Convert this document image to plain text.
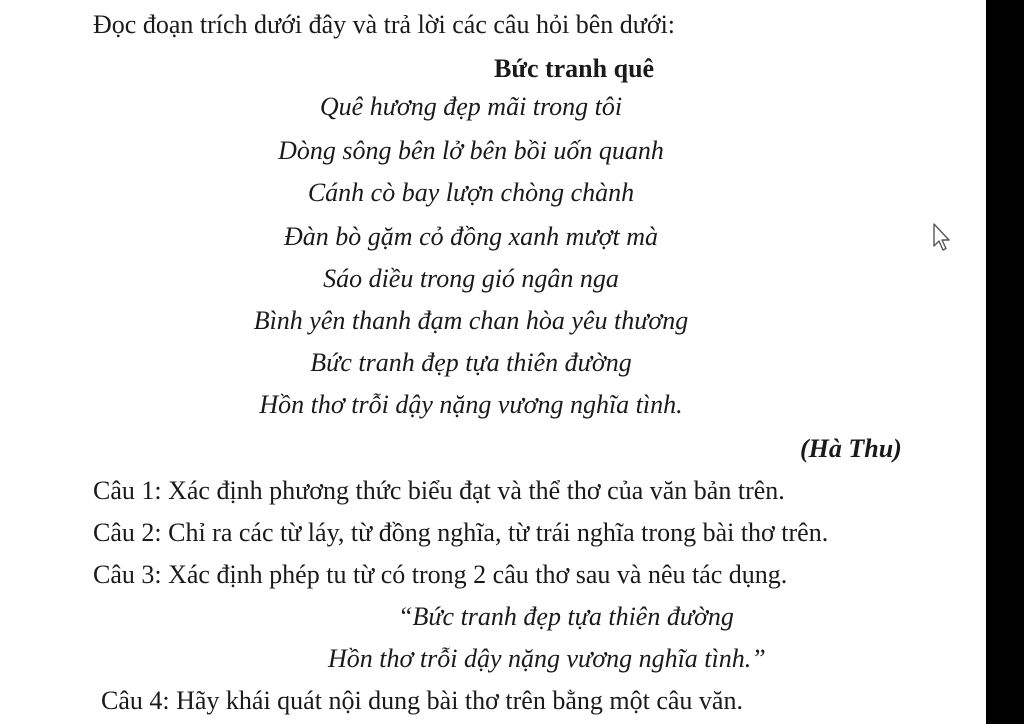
Đọc đoạn trích dưới đây và trả lời các câu hỏi bên dưới:
Bức tranh quê
Quê hương đẹp mãi trong tôi
Dòng sông bên lở bên bồi uốn quanh
Cánh cò bay lượn chòng chành
Đàn bò gặm cỏ đồng xanh mượt mà
Sáo diều trong gió ngân nga
Bình yên thanh đạm chan hòa yêu thương
Bức tranh đẹp tựa thiên đường
Hồn thơ trỗi dậy nặng vương nghĩa tình.
(Hà Thu)
Câu 1: Xác định phương thức biểu đạt và thể thơ của văn bản trên.
Câu 2: Chỉ ra các từ láy, từ đồng nghĩa, từ trái nghĩa trong bài thơ trên.
Câu 3: Xác định phép tu từ có trong 2 câu thơ sau và nêu tác dụng.
“Bức tranh đẹp tựa thiên đường
Hồn thơ trỗi dậy nặng vương nghĩa tình.”
Câu 4: Hãy khái quát nội dung bài thơ trên bằng một câu văn.
